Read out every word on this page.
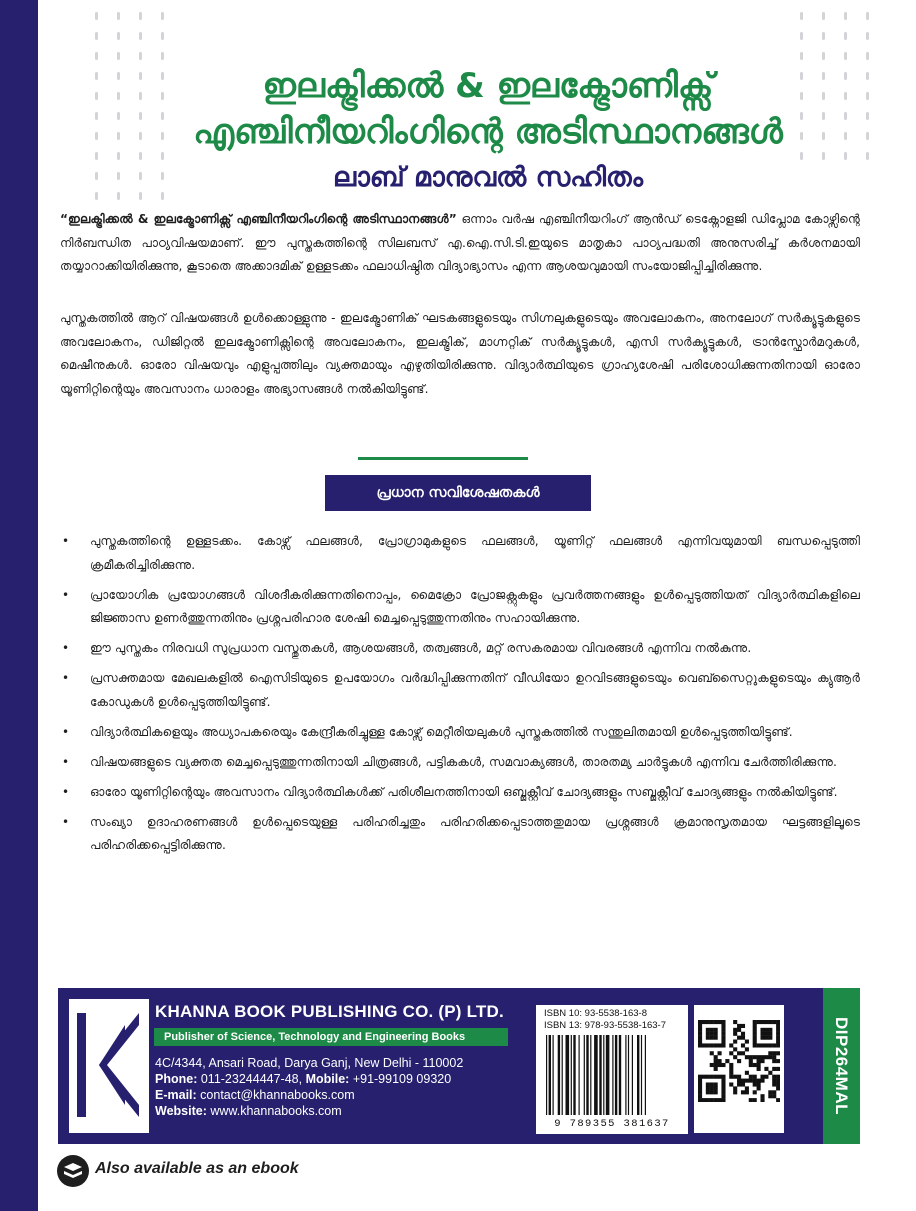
ഇലക്ട്രിക്കൽ & ഇലക്ട്രോണിക്സ്
എഞ്ചിനീയറിംഗിന്റെ അടിസ്ഥാനങ്ങൾ
ലാബ് മാനുവൽ സഹിതം

“ഇലക്ട്രിക്കൽ & ഇലക്ട്രോണിക്സ് എഞ്ചിനീയറിംഗിന്റെ അടിസ്ഥാനങ്ങൾ” ഒന്നാം വർഷ എഞ്ചിനീയറിംഗ് ആൻഡ് ടെക്നോളജി ഡിപ്ലോമ കോഴ്സിന്റെ നിർബന്ധിത പാഠ്യവിഷയമാണ്. ഈ പുസ്തകത്തിന്റെ സിലബസ് എ.ഐ.സി.ടി.ഇയുടെ മാതൃകാ പാഠ്യപദ്ധതി അനുസരിച്ച് കർശനമായി തയ്യാറാക്കിയിരിക്കുന്നു, കൂടാതെ അക്കാദമിക് ഉള്ളടക്കം ഫലാധിഷ്ഠിത വിദ്യാഭ്യാസം എന്ന ആശയവുമായി സംയോജിപ്പിച്ചിരിക്കുന്നു.

പുസ്തകത്തിൽ ആറ് വിഷയങ്ങൾ ഉൾക്കൊള്ളുന്നു - ഇലക്ട്രോണിക് ഘടകങ്ങളുടെയും സിഗ്നലുകളുടെയും അവലോകനം, അനലോഗ് സർക്യൂട്ടുകളുടെ അവലോകനം, ഡിജിറ്റൽ ഇലക്ട്രോണിക്സിന്റെ അവലോകനം, ഇലക്ട്രിക്, മാഗ്നറ്റിക് സർക്യൂട്ടുകൾ, എസി സർക്യൂട്ടുകൾ, ട്രാൻസ്ഫോർമറുകൾ, മെഷീനുകൾ. ഓരോ വിഷയവും എളുപ്പത്തിലും വ്യക്തമായും എഴുതിയിരിക്കുന്നു. വിദ്യാർത്ഥിയുടെ ഗ്രാഹ്യശേഷി പരിശോധിക്കുന്നതിനായി ഓരോ യൂണിറ്റിന്റെയും അവസാനം ധാരാളം അഭ്യാസങ്ങൾ നൽകിയിട്ടുണ്ട്.

പ്രധാന സവിശേഷതകൾ
• പുസ്തകത്തിന്റെ ഉള്ളടക്കം. കോഴ്സ് ഫലങ്ങൾ, പ്രോഗ്രാമുകളുടെ ഫലങ്ങൾ, യൂണിറ്റ് ഫലങ്ങൾ എന്നിവയുമായി ബന്ധപ്പെടുത്തി ക്രമീകരിച്ചിരിക്കുന്നു.
• പ്രായോഗിക പ്രയോഗങ്ങൾ വിശദീകരിക്കുന്നതിനൊപ്പം, മൈക്രോ പ്രോജക്റ്റുകളും പ്രവർത്തനങ്ങളും ഉൾപ്പെടുത്തിയത് വിദ്യാർത്ഥികളിലെ ജിജ്ഞാസ ഉണർത്തുന്നതിനും പ്രശ്നപരിഹാര ശേഷി മെച്ചപ്പെടുത്തുന്നതിനും സഹായിക്കുന്നു.
• ഈ പുസ്തകം നിരവധി സുപ്രധാന വസ്തുതകൾ, ആശയങ്ങൾ, തത്വങ്ങൾ, മറ്റ് രസകരമായ വിവരങ്ങൾ എന്നിവ നൽകുന്നു.
• പ്രസക്തമായ മേഖലകളിൽ ഐസിടിയുടെ ഉപയോഗം വർദ്ധിപ്പിക്കുന്നതിന് വീഡിയോ ഉറവിടങ്ങളുടെയും വെബ്സൈറ്റുകളുടെയും ക്യുആർ കോഡുകൾ ഉൾപ്പെടുത്തിയിട്ടുണ്ട്.
• വിദ്യാർത്ഥികളെയും അധ്യാപകരെയും കേന്ദ്രീകരിച്ചുള്ള കോഴ്സ് മെറ്റീരിയലുകൾ പുസ്തകത്തിൽ സന്തുലിതമായി ഉൾപ്പെടുത്തിയിട്ടുണ്ട്.
• വിഷയങ്ങളുടെ വ്യക്തത മെച്ചപ്പെടുത്തുന്നതിനായി ചിത്രങ്ങൾ, പട്ടികകൾ, സമവാക്യങ്ങൾ, താരതമ്യ ചാർട്ടുകൾ എന്നിവ ചേർത്തിരിക്കുന്നു.
• ഓരോ യൂണിറ്റിന്റെയും അവസാനം വിദ്യാർത്ഥികൾക്ക് പരിശീലനത്തിനായി ഒബ്ജക്റ്റീവ് ചോദ്യങ്ങളും സബ്ജക്റ്റീവ് ചോദ്യങ്ങളും നൽകിയിട്ടുണ്ട്.
• സംഖ്യാ ഉദാഹരണങ്ങൾ ഉൾപ്പെടെയുള്ള പരിഹരിച്ചതും പരിഹരിക്കപ്പെടാത്തതുമായ പ്രശ്നങ്ങൾ ക്രമാനുസൃതമായ ഘട്ടങ്ങളിലൂടെ പരിഹരിക്കപ്പെട്ടിരിക്കുന്നു.
KHANNA BOOK PUBLISHING CO. (P) LTD.
Publisher of Science, Technology and Engineering Books
4C/4344, Ansari Road, Darya Ganj, New Delhi - 110002
Phone: 011-23244447-48, Mobile: +91-99109 09320
E-mail: contact@khannabooks.com
Website: www.khannabooks.com
ISBN 10: 93-5538-163-8
ISBN 13: 978-93-5538-163-7
9 789355 381637
DIP264MAL
Also available as an ebook
